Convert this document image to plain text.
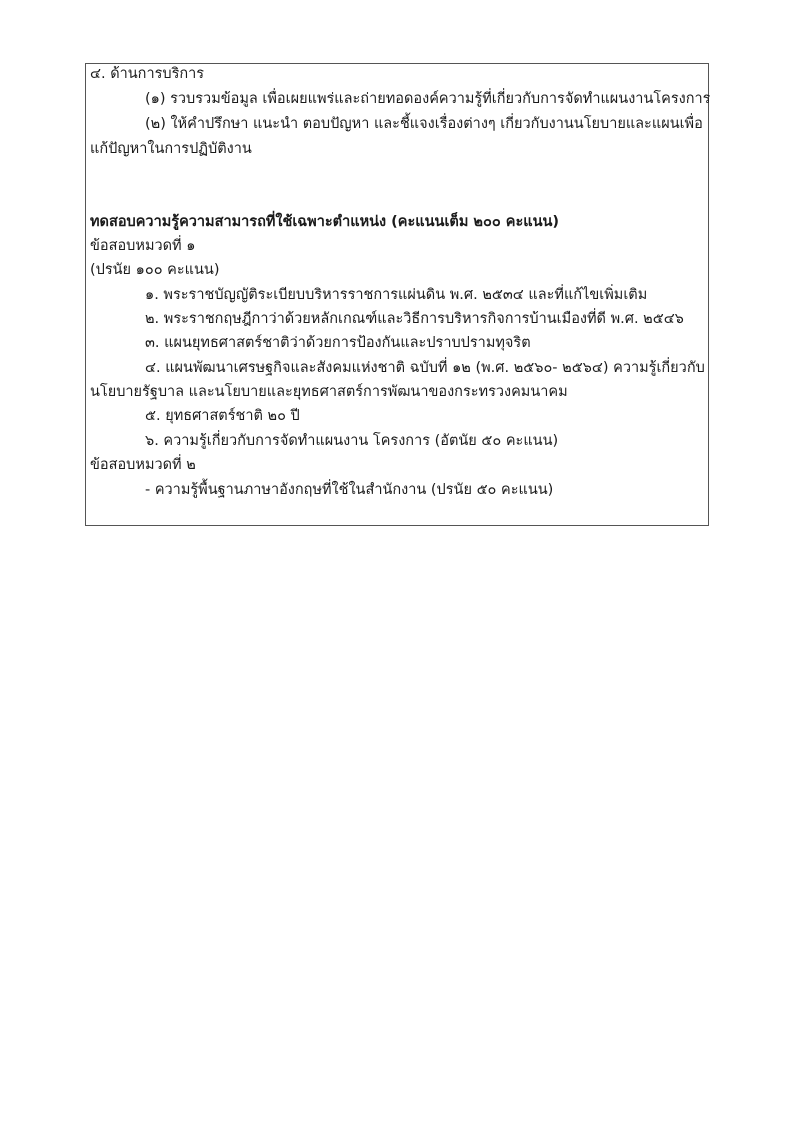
๔. ด้านการบริการ
(๑) รวบรวมข้อมูล เพื่อเผยแพร่และถ่ายทอดองค์ความรู้ที่เกี่ยวกับการจัดทำแผนงานโครงการ
(๒) ให้คำปรึกษา แนะนำ ตอบปัญหา และชี้แจงเรื่องต่างๆ เกี่ยวกับงานนโยบายและแผนเพื่อ
แก้ปัญหาในการปฏิบัติงาน
ทดสอบความรู้ความสามารถที่ใช้เฉพาะตำแหน่ง (คะแนนเต็ม ๒๐๐ คะแนน)
ข้อสอบหมวดที่ ๑
(ปรนัย ๑๐๐ คะแนน)
๑. พระราชบัญญัติระเบียบบริหารราชการแผ่นดิน พ.ศ. ๒๕๓๔ และที่แก้ไขเพิ่มเติม
๒. พระราชกฤษฎีกาว่าด้วยหลักเกณฑ์และวิธีการบริหารกิจการบ้านเมืองที่ดี พ.ศ. ๒๕๔๖
๓. แผนยุทธศาสตร์ชาติว่าด้วยการป้องกันและปราบปรามทุจริต
๔. แผนพัฒนาเศรษฐกิจและสังคมแห่งชาติ ฉบับที่ ๑๒ (พ.ศ. ๒๕๖๐- ๒๕๖๔) ความรู้เกี่ยวกับ
นโยบายรัฐบาล และนโยบายและยุทธศาสตร์การพัฒนาของกระทรวงคมนาคม
๕. ยุทธศาสตร์ชาติ ๒๐ ปี
๖. ความรู้เกี่ยวกับการจัดทำแผนงาน โครงการ (อัตนัย ๕๐ คะแนน)
ข้อสอบหมวดที่ ๒
- ความรู้พื้นฐานภาษาอังกฤษที่ใช้ในสำนักงาน (ปรนัย ๕๐ คะแนน)
